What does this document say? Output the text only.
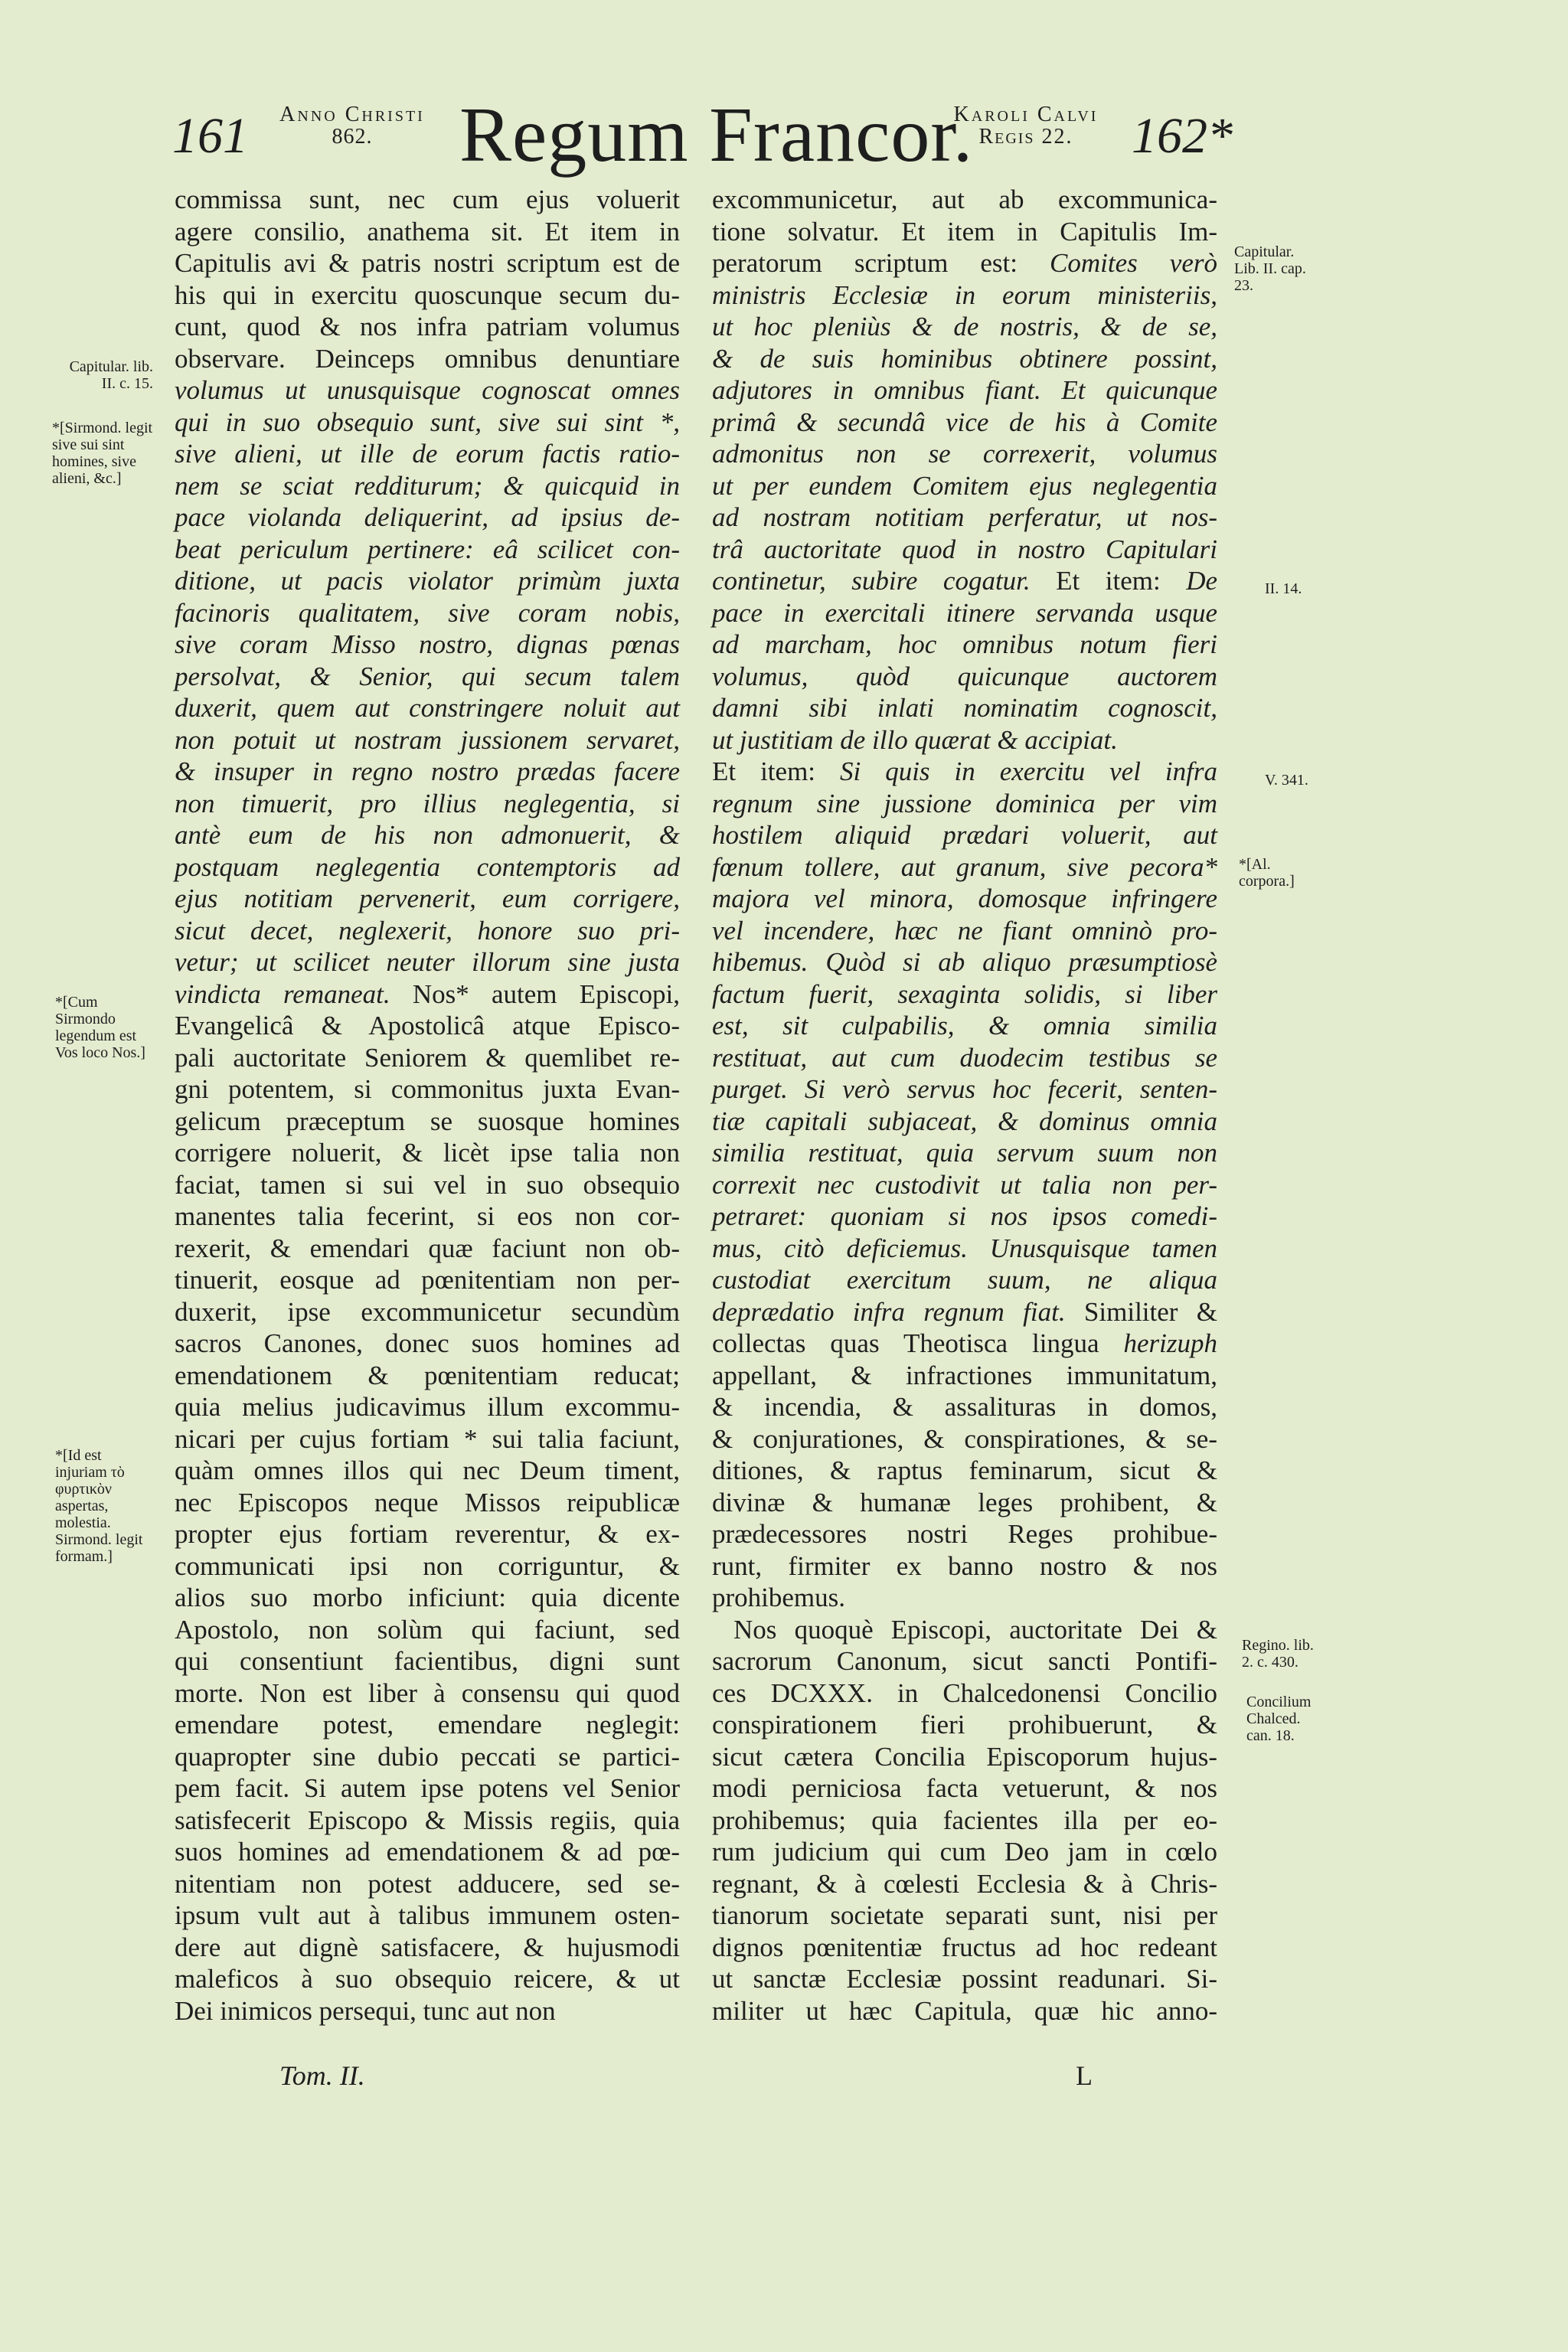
161	Anno Christi
862.	Regum Francor.
Karoli Calvi
Regis 22.	162*
commissa sunt, nec cum ejus voluerit
agere consilio, anathema sit. Et item in
Capitulis avi & patris nostri scriptum est de
his qui in exercitu quoscunque secum du-
cunt, quod & nos infra patriam volumus
observare. Deinceps omnibus denuntiare
volumus ut unusquisque cognoscat omnes
qui in suo obsequio sunt, sive sui sint *,
sive alieni, ut ille de eorum factis ratio-
nem se sciat redditurum; & quicquid in
pace violanda deliquerint, ad ipsius de-
beat periculum pertinere: eâ scilicet con-
ditione, ut pacis violator primùm juxta
facinoris qualitatem, sive coram nobis,
sive coram Misso nostro, dignas pœnas
persolvat, & Senior, qui secum talem
duxerit, quem aut constringere noluit aut
non potuit ut nostram jussionem servaret,
& insuper in regno nostro prædas facere
non timuerit, pro illius neglegentia, si
antè eum de his non admonuerit, &
postquam neglegentia contemptoris ad
ejus notitiam pervenerit, eum corrigere,
sicut decet, neglexerit, honore suo pri-
vetur; ut scilicet neuter illorum sine justa
vindicta remaneat. Nos* autem Episcopi,
Evangelicâ & Apostolicâ atque Episco-
pali auctoritate Seniorem & quemlibet re-
gni potentem, si commonitus juxta Evan-
gelicum præceptum se suosque homines
corrigere noluerit, & licèt ipse talia non
faciat, tamen si sui vel in suo obsequio
manentes talia fecerint, si eos non cor-
rexerit, & emendari quæ faciunt non ob-
tinuerit, eosque ad pœnitentiam non per-
duxerit, ipse excommunicetur secundùm
sacros Canones, donec suos homines ad
emendationem & pœnitentiam reducat;
quia melius judicavimus illum excommu-
nicari per cujus fortiam * sui talia faciunt,
quàm omnes illos qui nec Deum timent,
nec Episcopos neque Missos reipublicæ
propter ejus fortiam reverentur, & ex-
communicati ipsi non corriguntur, &
alios suo morbo inficiunt: quia dicente
Apostolo, non solùm qui faciunt, sed
qui consentiunt facientibus, digni sunt
morte. Non est liber à consensu qui quod
emendare potest, emendare neglegit:
quapropter sine dubio peccati se partici-
pem facit. Si autem ipse potens vel Senior
satisfecerit Episcopo & Missis regiis, quia
suos homines ad emendationem & ad pœ-
nitentiam non potest adducere, sed se-
ipsum vult aut à talibus immunem osten-
dere aut dignè satisfacere, & hujusmodi
maleficos à suo obsequio reicere, & ut
Dei inimicos persequi, tunc aut non
excommunicetur, aut ab excommunica-
tione solvatur. Et item in Capitulis Im-
peratorum scriptum est: Comites verò
ministris Ecclesiæ in eorum ministeriis,
ut hoc pleniùs & de nostris, & de se,
& de suis hominibus obtinere possint,
adjutores in omnibus fiant. Et quicunque
primâ & secundâ vice de his à Comite
admonitus non se correxerit, volumus
ut per eundem Comitem ejus neglegentia
ad nostram notitiam perferatur, ut nos-
trâ auctoritate quod in nostro Capitulari
continetur, subire cogatur. Et item: De
pace in exercitali itinere servanda usque
ad marcham, hoc omnibus notum fieri
volumus, quòd quicunque auctorem
damni sibi inlati nominatim cognoscit,
ut justitiam de illo quærat & accipiat.
Et item: Si quis in exercitu vel infra
regnum sine jussione dominica per vim
hostilem aliquid prædari voluerit, aut
fœnum tollere, aut granum, sive pecora*
majora vel minora, domosque infringere
vel incendere, hæc ne fiant omninò pro-
hibemus. Quòd si ab aliquo præsumptiosè
factum fuerit, sexaginta solidis, si liber
est, sit culpabilis, & omnia similia
restituat, aut cum duodecim testibus se
purget. Si verò servus hoc fecerit, senten-
tiæ capitali subjaceat, & dominus omnia
similia restituat, quia servum suum non
correxit nec custodivit ut talia non per-
petraret: quoniam si nos ipsos comedi-
mus, citò deficiemus. Unusquisque tamen
custodiat exercitum suum, ne aliqua
deprædatio infra regnum fiat. Similiter &
collectas quas Theotisca lingua herizuph
appellant, & infractiones immunitatum,
& incendia, & assalituras in domos,
& conjurationes, & conspirationes, & se-
ditiones, & raptus feminarum, sicut &
divinæ & humanæ leges prohibent, &
prædecessores nostri Reges prohibue-
runt, firmiter ex banno nostro & nos
prohibemus.
Nos quoquè Episcopi, auctoritate Dei &
sacrorum Canonum, sicut sancti Pontifi-
ces DCXXX. in Chalcedonensi Concilio
conspirationem fieri prohibuerunt, &
sicut cætera Concilia Episcoporum hujus-
modi perniciosa facta vetuerunt, & nos
prohibemus; quia facientes illa per eo-
rum judicium qui cum Deo jam in cœlo
regnant, & à cœlesti Ecclesia & à Chris-
tianorum societate separati sunt, nisi per
dignos pœnitentiæ fructus ad hoc redeant
ut sanctæ Ecclesiæ possint readunari. Si-
militer ut hæc Capitula, quæ hic anno-
Capitular. lib. II. c. 15.
*[Sirmond. legit sive sui sint homines, sive alieni, &c.]
*[Cum Sirmondo legendum est Vos loco Nos.]
*[Id est injuriam τὸ φυρτικὸν aspertas, molestia. Sirmond. legit formam.]
Capitular. Lib. II. cap. 23.
II. 14.
V. 341.
*[Al. corpora.]
Regino. lib. 2. c. 430.
Concilium Chalced. can. 18.
Tom. II.	L
